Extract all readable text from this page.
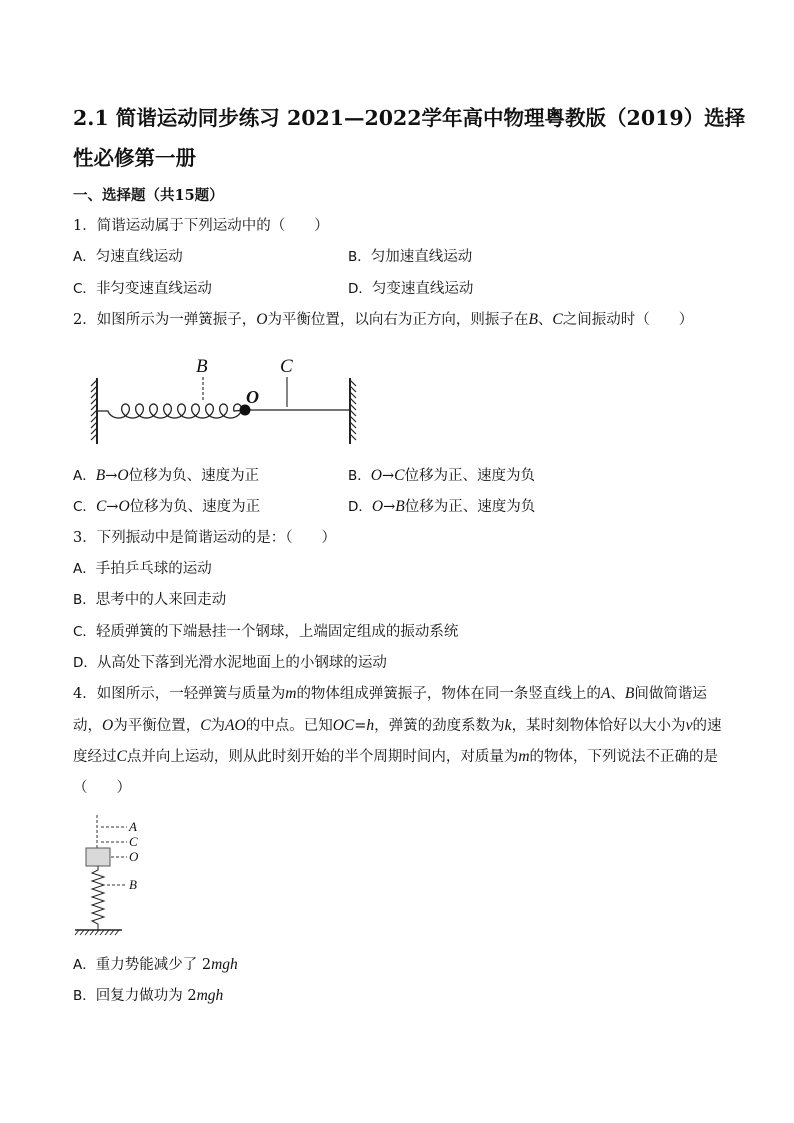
2.1 简谐运动同步练习 2021—2022学年高中物理粤教版（2019）选择
性必修第一册
一、选择题（共15题）
1．简谐运动属于下列运动中的（　　）
A．匀速直线运动	B．匀加速直线运动
C．非匀变速直线运动	D．匀变速直线运动
2．如图所示为一弹簧振子，O为平衡位置，以向右为正方向，则振子在B、C之间振动时（　　）
B	C
O
A．B→O位移为负、速度为正	B．O→C位移为正、速度为负
C．C→O位移为负、速度为正	D．O→B位移为正、速度为负
3．下列振动中是简谐运动的是：（　　）
A．手拍乒乓球的运动
B．思考中的人来回走动
C．轻质弹簧的下端悬挂一个钢球，上端固定组成的振动系统
D．从高处下落到光滑水泥地面上的小钢球的运动
4．如图所示，一轻弹簧与质量为m的物体组成弹簧振子，物体在同一条竖直线上的A、B间做简谐运
动，O为平衡位置，C为AO的中点。已知OC=h，弹簧的劲度系数为k，某时刻物体恰好以大小为v的速
度经过C点并向上运动，则从此时刻开始的半个周期时间内，对质量为m的物体，下列说法不正确的是
（　　）
A
C
O
B
A．重力势能减少了 2mgh
B．回复力做功为 2mgh
